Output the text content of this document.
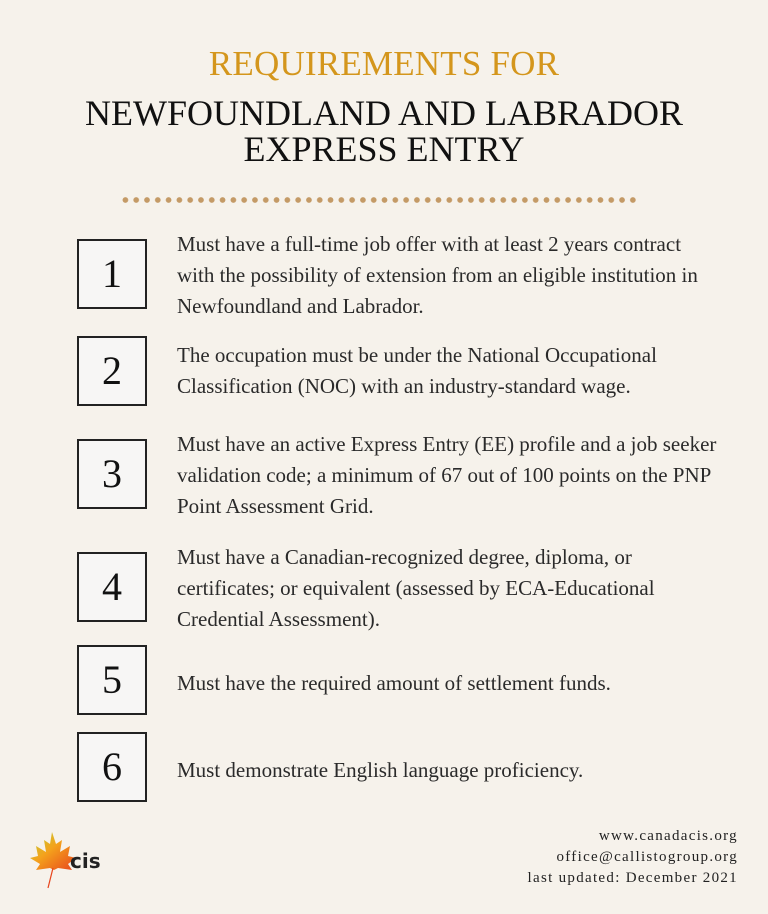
REQUIREMENTS FOR
NEWFOUNDLAND AND LABRADOR
EXPRESS ENTRY
1
Must have a full-time job offer with at least 2 years contract with the possibility of extension from an eligible institution in Newfoundland and Labrador.
2	The occupation must be under the National Occupational Classification (NOC) with an industry-standard wage.
3
Must have an active Express Entry (EE) profile and a job seeker validation code; a minimum of 67 out of 100 points on the PNP Point Assessment Grid.
4
Must have a Canadian-recognized degree, diploma, or certificates; or equivalent (assessed by ECA-Educational Credential Assessment).
5	Must have the required amount of settlement funds.
6	Must demonstrate English language proficiency.
cis
www.canadacis.org
office@callistogroup.org
last updated: December 2021
